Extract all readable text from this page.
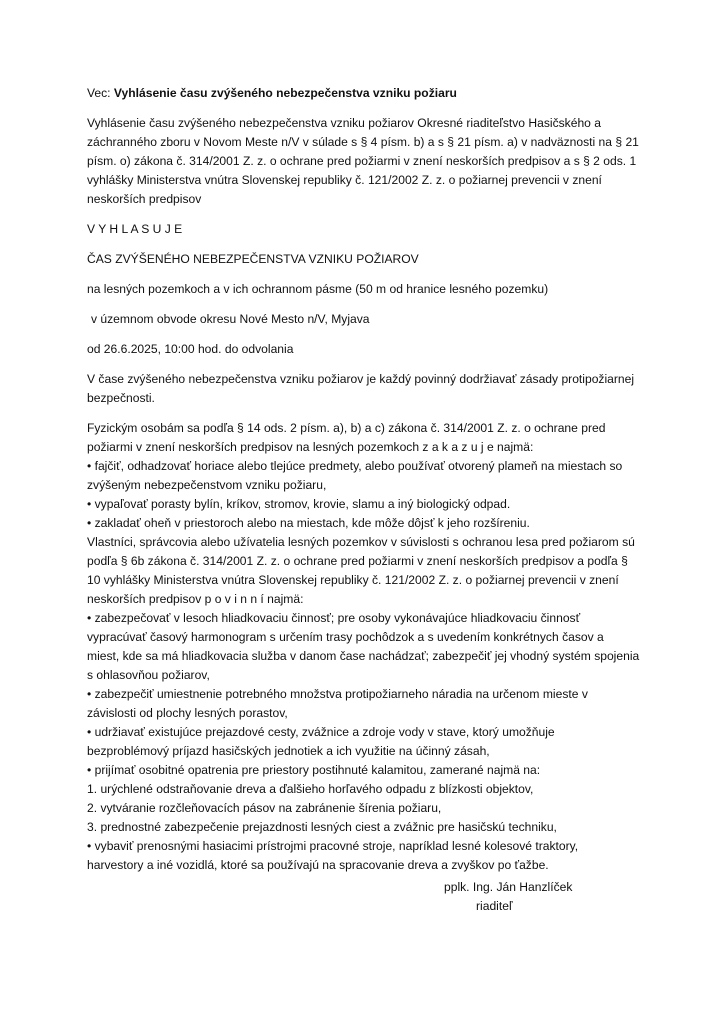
Vec: Vyhlásenie času zvýšeného nebezpečenstva vzniku požiaru

Vyhlásenie času zvýšeného nebezpečenstva vzniku požiarov Okresné riaditeľstvo Hasičského a

záchranného zboru v Novom Meste n/V v súlade s § 4 písm. b) a s § 21 písm. a) v nadväznosti na § 21

písm. o) zákona č. 314/2001 Z. z. o ochrane pred požiarmi v znení neskorších predpisov a s § 2 ods. 1

vyhlášky Ministerstva vnútra Slovenskej republiky č. 121/2002 Z. z. o požiarnej prevencii v znení

neskorších predpisov

V Y H L A S U J E

ČAS ZVÝŠENÉHO NEBEZPEČENSTVA VZNIKU POŽIAROV

na lesných pozemkoch a v ich ochrannom pásme (50 m od hranice lesného pozemku)

v územnom obvode okresu Nové Mesto n/V, Myjava

od 26.6.2025, 10:00 hod. do odvolania

V čase zvýšeného nebezpečenstva vzniku požiarov je každý povinný dodržiavať zásady protipožiarnej

bezpečnosti.

Fyzickým osobám sa podľa § 14 ods. 2 písm. a), b) a c) zákona č. 314/2001 Z. z. o ochrane pred

požiarmi v znení neskorších predpisov na lesných pozemkoch z a k a z u j e najmä:

• fajčiť, odhadzovať horiace alebo tlejúce predmety, alebo používať otvorený plameň na miestach so

zvýšeným nebezpečenstvom vzniku požiaru,

• vypaľovať porasty bylín, kríkov, stromov, krovie, slamu a iný biologický odpad.

• zakladať oheň v priestoroch alebo na miestach, kde môže dôjsť k jeho rozšíreniu.

Vlastníci, správcovia alebo užívatelia lesných pozemkov v súvislosti s ochranou lesa pred požiarom sú

podľa § 6b zákona č. 314/2001 Z. z. o ochrane pred požiarmi v znení neskorších predpisov a podľa §

10 vyhlášky Ministerstva vnútra Slovenskej republiky č. 121/2002 Z. z. o požiarnej prevencii v znení

neskorších predpisov p o v i n n í najmä:

• zabezpečovať v lesoch hliadkovaciu činnosť; pre osoby vykonávajúce hliadkovaciu činnosť

vypracúvať časový harmonogram s určením trasy pochôdzok a s uvedením konkrétnych časov a

miest, kde sa má hliadkovacia služba v danom čase nachádzať; zabezpečiť jej vhodný systém spojenia

s ohlasovňou požiarov,

• zabezpečiť umiestnenie potrebného množstva protipožiarneho náradia na určenom mieste v

závislosti od plochy lesných porastov,

• udržiavať existujúce prejazdové cesty, zvážnice a zdroje vody v stave, ktorý umožňuje

bezproblémový príjazd hasičských jednotiek a ich využitie na účinný zásah,

• prijímať osobitné opatrenia pre priestory postihnuté kalamitou, zamerané najmä na:

1. urýchlené odstraňovanie dreva a ďalšieho horľavého odpadu z blízkosti objektov,

2. vytváranie rozčleňovacích pásov na zabránenie šírenia požiaru,

3. prednostné zabezpečenie prejazdnosti lesných ciest a zvážnic pre hasičskú techniku,

• vybaviť prenosnými hasiacimi prístrojmi pracovné stroje, napríklad lesné kolesové traktory,

harvestory a iné vozidlá, ktoré sa používajú na spracovanie dreva a zvyškov po ťažbe.

pplk. Ing. Ján Hanzlíček

riaditeľ
